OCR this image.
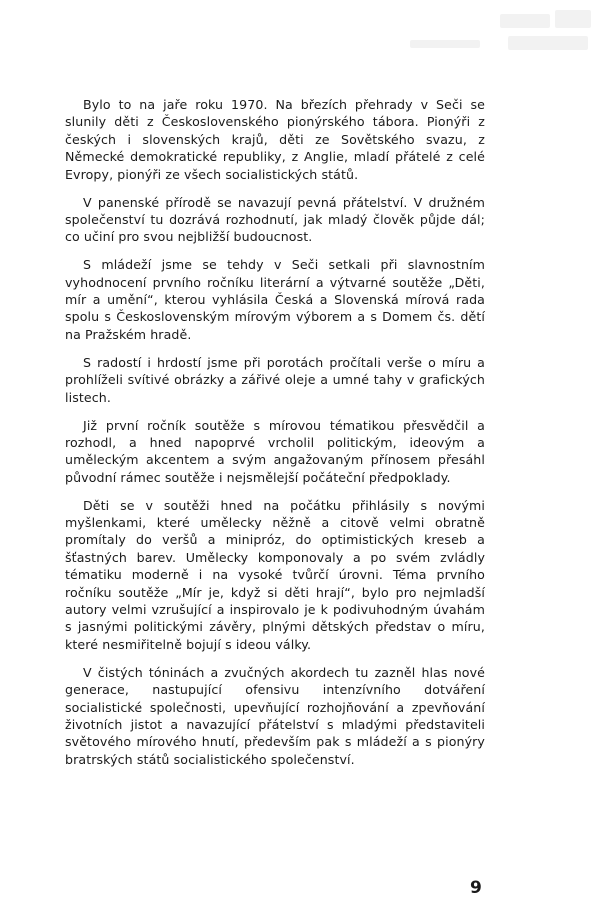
Bylo to na jaře roku 1970. Na březích přehrady v Seči se slunily děti z Československého pionýrského tábora. Pionýři z českých i slovenských krajů, děti ze Sovětského svazu, z Německé demokratické republiky, z Anglie, mladí přátelé z celé Evropy, pionýři ze všech socialistických států.

V panenské přírodě se navazují pevná přátelství. V družném společenství tu dozrává rozhodnutí, jak mladý člověk půjde dál; co učiní pro svou nejbližší budoucnost.

S mládeží jsme se tehdy v Seči setkali při slavnostním vyhodnocení prvního ročníku literární a výtvarné soutěže „Děti, mír a umění“, kterou vyhlásila Česká a Slovenská mírová rada spolu s Československým mírovým výborem a s Domem čs. dětí na Pražském hradě.

S radostí i hrdostí jsme při porotách pročítali verše o míru a prohlíželi svítivé obrázky a zářivé oleje a umné tahy v grafických listech.

Již první ročník soutěže s mírovou tématikou přesvědčil a rozhodl, a hned napoprvé vrcholil politickým, ideovým a uměleckým akcentem a svým angažovaným přínosem přesáhl původní rámec soutěže i nejsmělejší počáteční předpoklady.

Děti se v soutěži hned na počátku přihlásily s novými myšlenkami, které umělecky něžně a citově velmi obratně promítaly do veršů a miniprόz, do optimistických kreseb a šťastných barev. Umělecky komponovaly a po svém zvládly tématiku moderně i na vysoké tvůrčí úrovni. Téma prvního ročníku soutěže „Mír je, když si děti hrají“, bylo pro nejmladší autory velmi vzrušující a inspirovalo je k podivuhodným úvahám s jasnými politickými závěry, plnými dětských představ o míru, které nesmiřitelně bojují s ideou války.

V čistých tóninách a zvučných akordech tu zazněl hlas nové generace, nastupující ofensivu intenzívního dotváření socialistické společnosti, upevňující rozhojňování a zpevňování životních jistot a navazující přátelství s mladými představiteli světového mírového hnutí, především pak s mládeží a s pionýry bratrských států socialistického společenství.

9
